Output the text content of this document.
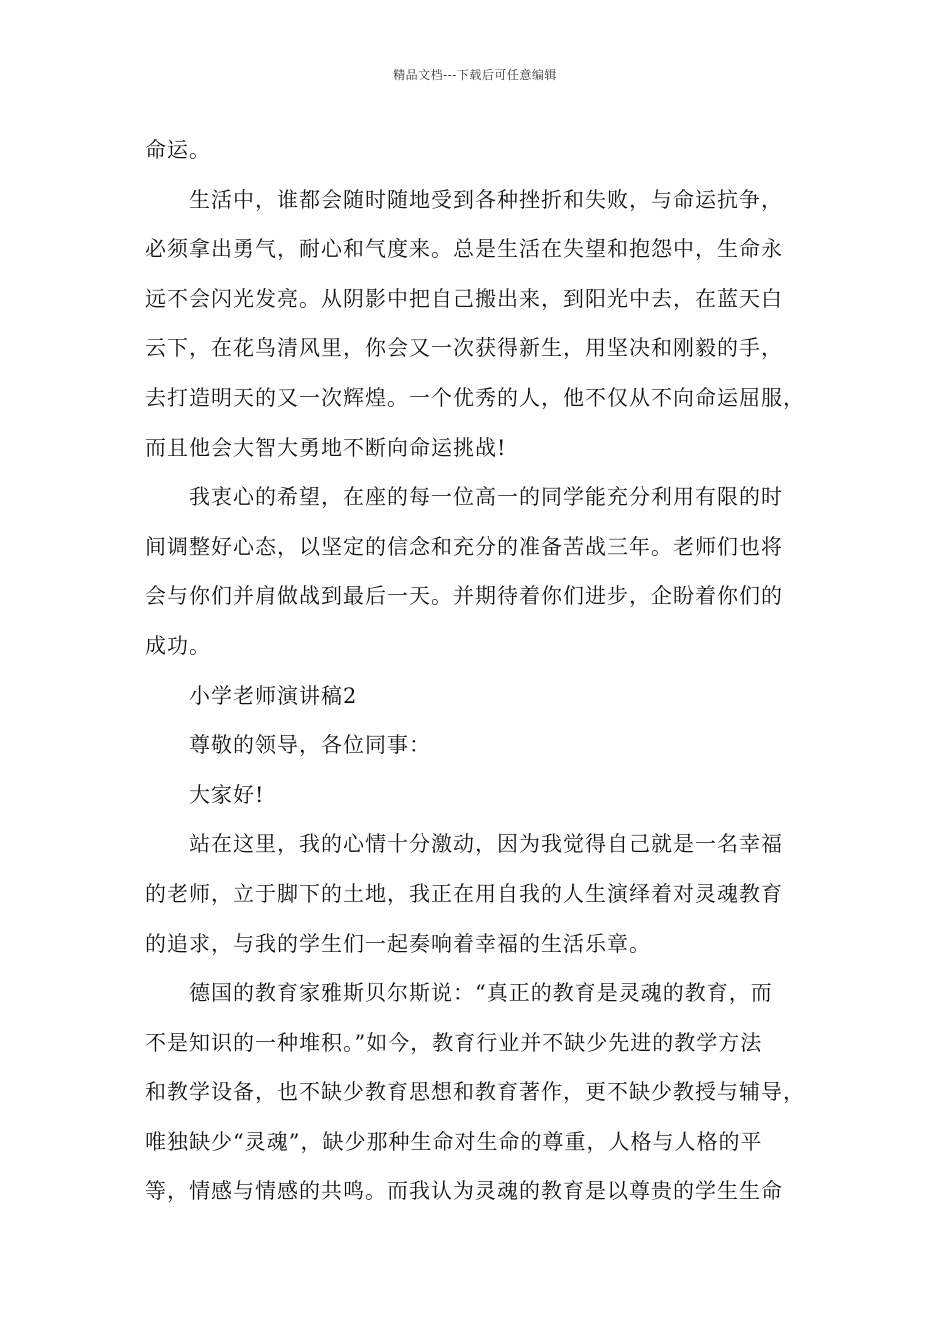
精品文档---下载后可任意编辑
命运。
生活中，谁都会随时随地受到各种挫折和失败，与命运抗争，
必须拿出勇气，耐心和气度来。总是生活在失望和抱怨中，生命永
远不会闪光发亮。从阴影中把自己搬出来，到阳光中去，在蓝天白
云下，在花鸟清风里，你会又一次获得新生，用坚决和刚毅的手，
去打造明天的又一次辉煌。一个优秀的人，他不仅从不向命运屈服，
而且他会大智大勇地不断向命运挑战!
我衷心的希望，在座的每一位高一的同学能充分利用有限的时
间调整好心态，以坚定的信念和充分的准备苦战三年。老师们也将
会与你们并肩做战到最后一天。并期待着你们进步，企盼着你们的
成功。
小学老师演讲稿2
尊敬的领导，各位同事：
大家好!
站在这里，我的心情十分激动，因为我觉得自己就是一名幸福
的老师，立于脚下的土地，我正在用自我的人生演绎着对灵魂教育
的追求，与我的学生们一起奏响着幸福的生活乐章。
德国的教育家雅斯贝尔斯说：“真正的教育是灵魂的教育，而
不是知识的一种堆积。”如今，教育行业并不缺少先进的教学方法
和教学设备，也不缺少教育思想和教育著作，更不缺少教授与辅导，
唯独缺少“灵魂”，缺少那种生命对生命的尊重，人格与人格的平
等，情感与情感的共鸣。而我认为灵魂的教育是以尊贵的学生生命
